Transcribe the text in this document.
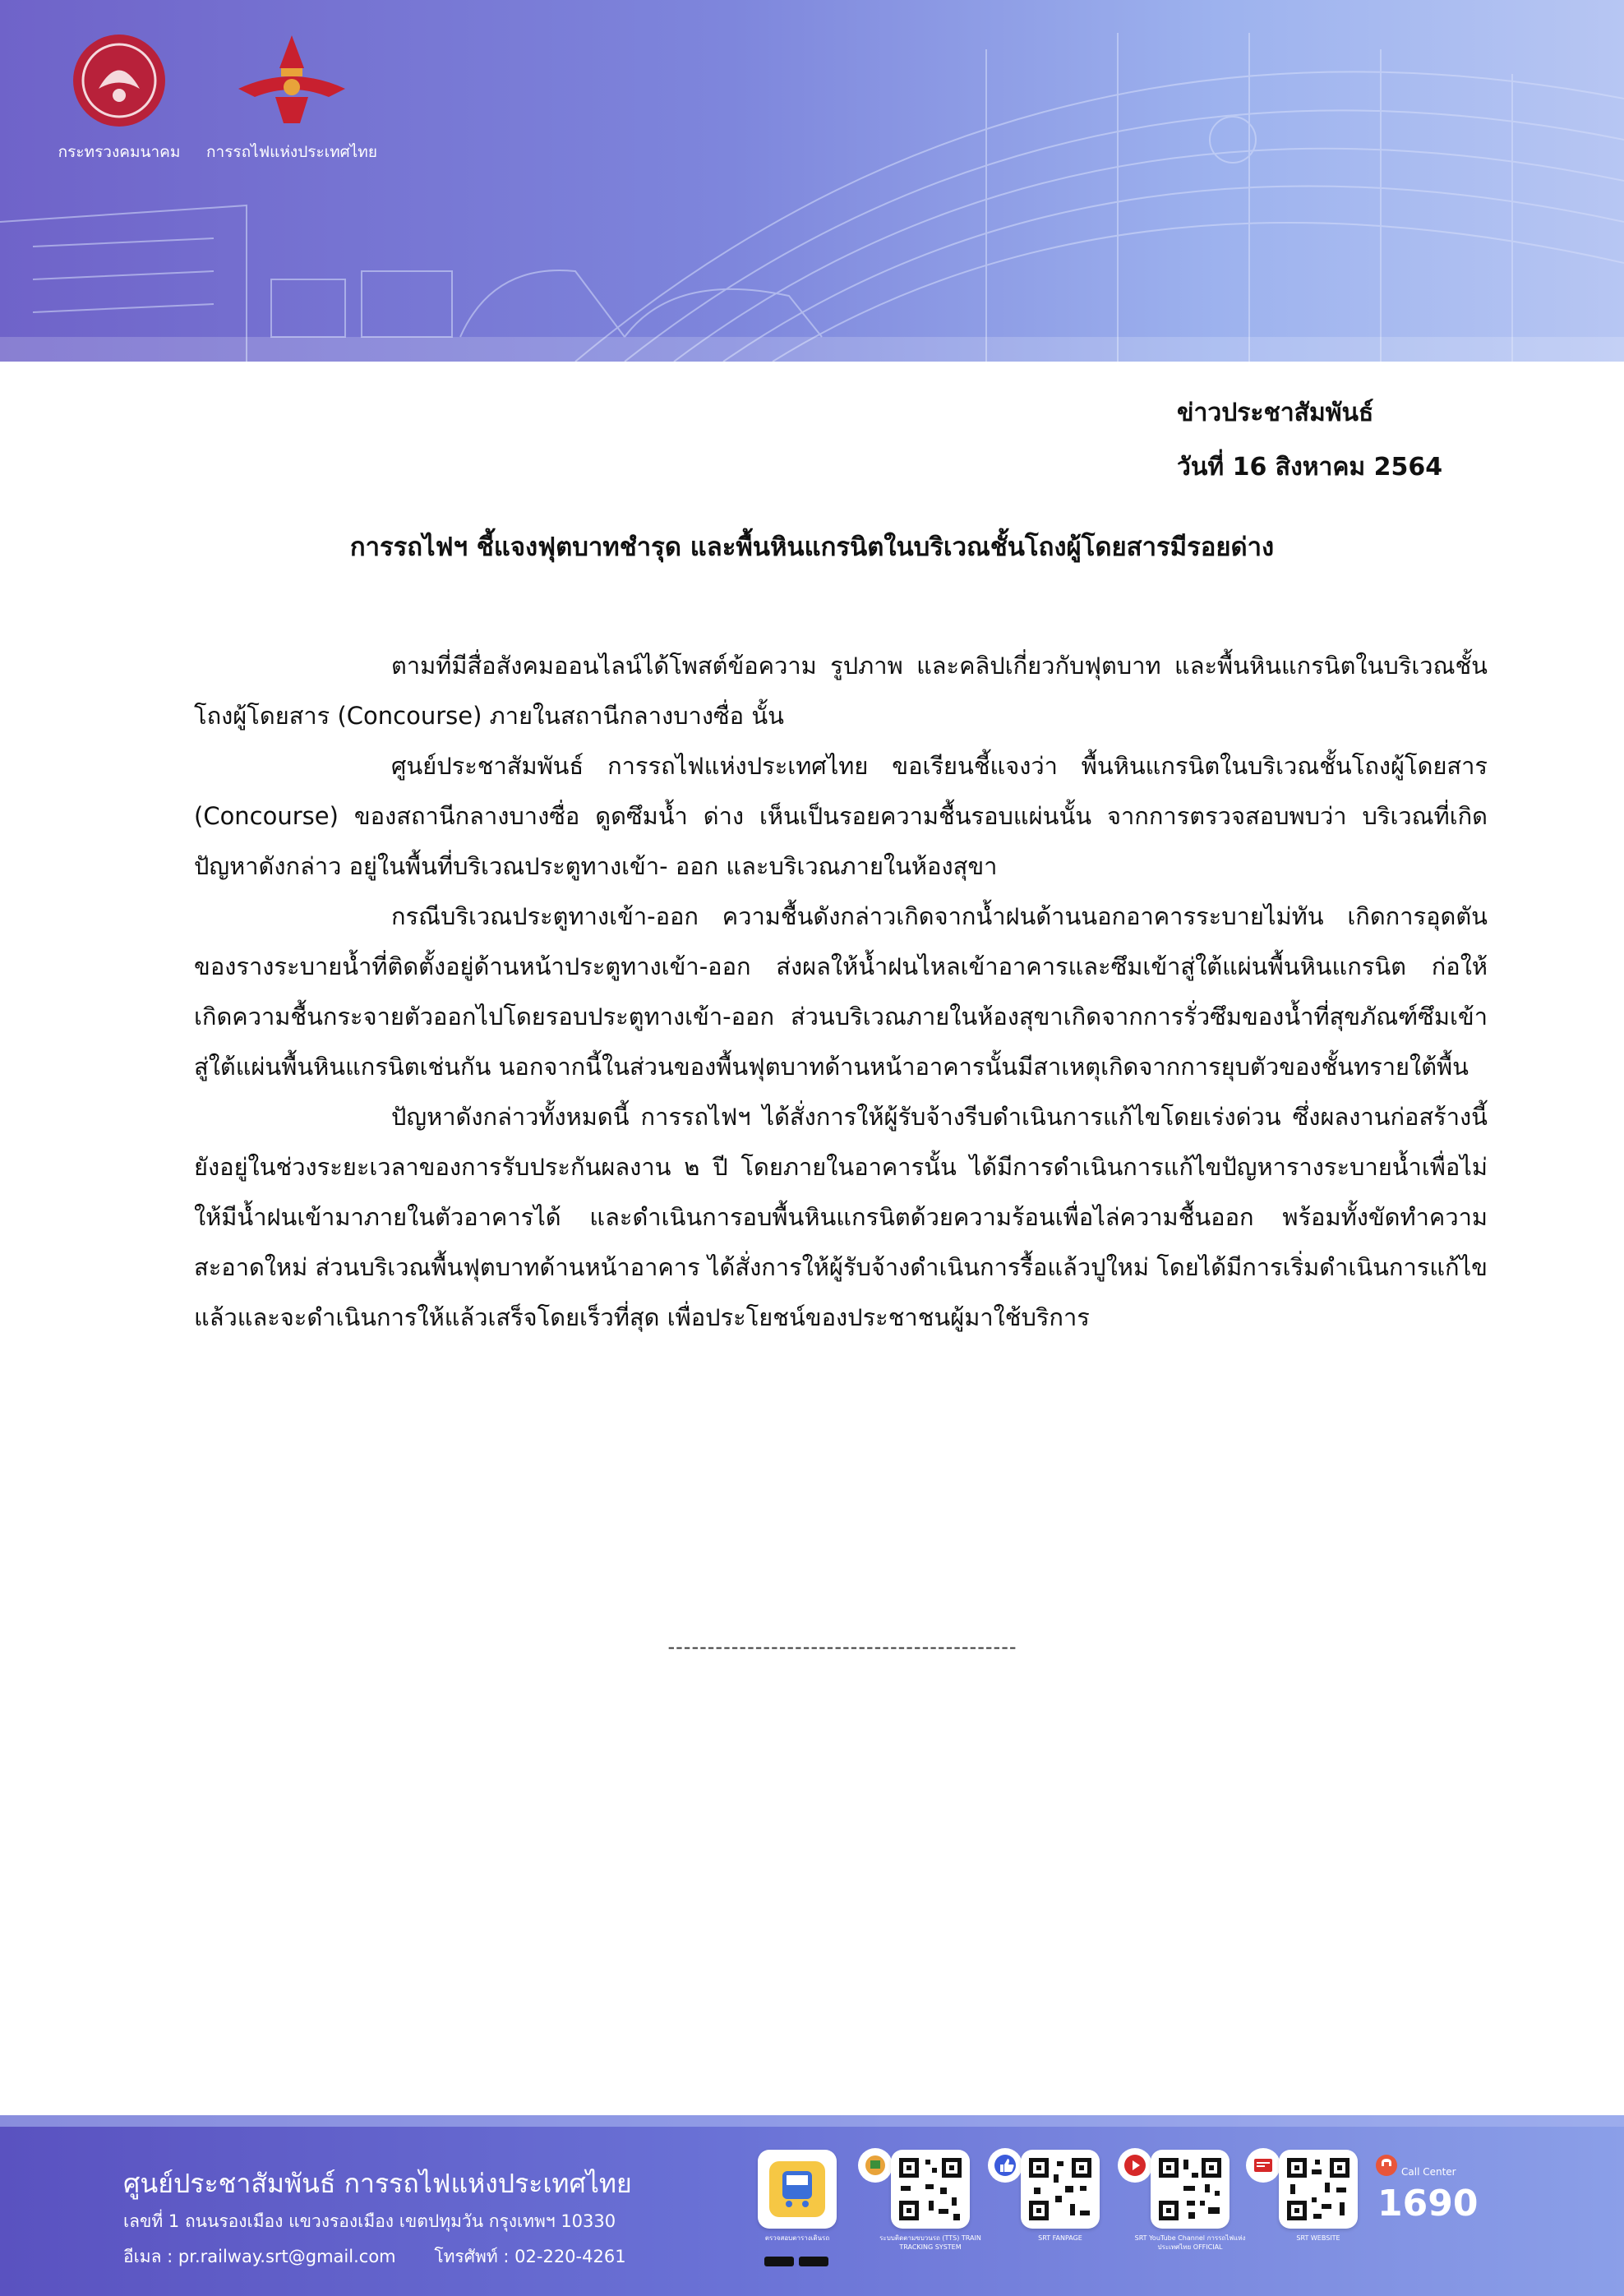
กระทรวงคมนาคม	การรถไฟแห่งประเทศไทย
ข่าวประชาสัมพันธ์
วันที่ 16 สิงหาคม 2564
การรถไฟฯ ชี้แจงฟุตบาทชำรุด และพื้นหินแกรนิตในบริเวณชั้นโถงผู้โดยสารมีรอยด่าง

ตามที่มีสื่อสังคมออนไลน์ได้โพสต์ข้อความ รูปภาพ และคลิปเกี่ยวกับฟุตบาท และพื้นหินแกรนิตในบริเวณชั้นโถงผู้โดยสาร (Concourse) ภายในสถานีกลางบางซื่อ นั้น

ศูนย์ประชาสัมพันธ์ การรถไฟแห่งประเทศไทย ขอเรียนชี้แจงว่า พื้นหินแกรนิตในบริเวณชั้นโถงผู้โดยสาร (Concourse) ของสถานีกลางบางซื่อ ดูดซึมน้ำ ด่าง เห็นเป็นรอยความชื้นรอบแผ่นนั้น จากการตรวจสอบพบว่า บริเวณที่เกิดปัญหาดังกล่าว อยู่ในพื้นที่บริเวณประตูทางเข้า- ออก และบริเวณภายในห้องสุขา

กรณีบริเวณประตูทางเข้า-ออก ความชื้นดังกล่าวเกิดจากน้ำฝนด้านนอกอาคารระบายไม่ทัน เกิดการอุดตันของรางระบายน้ำที่ติดตั้งอยู่ด้านหน้าประตูทางเข้า-ออก ส่งผลให้น้ำฝนไหลเข้าอาคารและซึมเข้าสู่ใต้แผ่นพื้นหินแกรนิต ก่อให้เกิดความชื้นกระจายตัวออกไปโดยรอบประตูทางเข้า-ออก ส่วนบริเวณภายในห้องสุขาเกิดจากการรั่วซึมของน้ำที่สุขภัณฑ์ซึมเข้าสู่ใต้แผ่นพื้นหินแกรนิตเช่นกัน นอกจากนี้ในส่วนของพื้นฟุตบาทด้านหน้าอาคารนั้นมีสาเหตุเกิดจากการยุบตัวของชั้นทรายใต้พื้น

ปัญหาดังกล่าวทั้งหมดนี้ การรถไฟฯ ได้สั่งการให้ผู้รับจ้างรีบดำเนินการแก้ไขโดยเร่งด่วน ซึ่งผลงานก่อสร้างนี้ยังอยู่ในช่วงระยะเวลาของการรับประกันผลงาน ๒ ปี โดยภายในอาคารนั้น ได้มีการดำเนินการแก้ไขปัญหารางระบายน้ำเพื่อไม่ให้มีน้ำฝนเข้ามาภายในตัวอาคารได้ และดำเนินการอบพื้นหินแกรนิตด้วยความร้อนเพื่อไล่ความชื้นออก พร้อมทั้งขัดทำความสะอาดใหม่ ส่วนบริเวณพื้นฟุตบาทด้านหน้าอาคาร ได้สั่งการให้ผู้รับจ้างดำเนินการรื้อแล้วปูใหม่ โดยได้มีการเริ่มดำเนินการแก้ไขแล้วและจะดำเนินการให้แล้วเสร็จโดยเร็วที่สุด เพื่อประโยชน์ของประชาชนผู้มาใช้บริการ

--------------------------------------------
ศูนย์ประชาสัมพันธ์ การรถไฟแห่งประเทศไทย
เลขที่ 1 ถนนรองเมือง แขวงรองเมือง เขตปทุมวัน กรุงเทพฯ 10330
อีเมล : pr.railway.srt@gmail.com โทรศัพท์ : 02-220-4261
ตรวจสอบตารางเดินรถ	ระบบติดตามขบวนรถ (TTS) TRAIN TRACKING SYSTEM
SRT FANPAGE	SRT YouTube Channel การรถไฟแห่งประเทศไทย OFFICIAL
SRT WEBSITE
Call Center
1690
